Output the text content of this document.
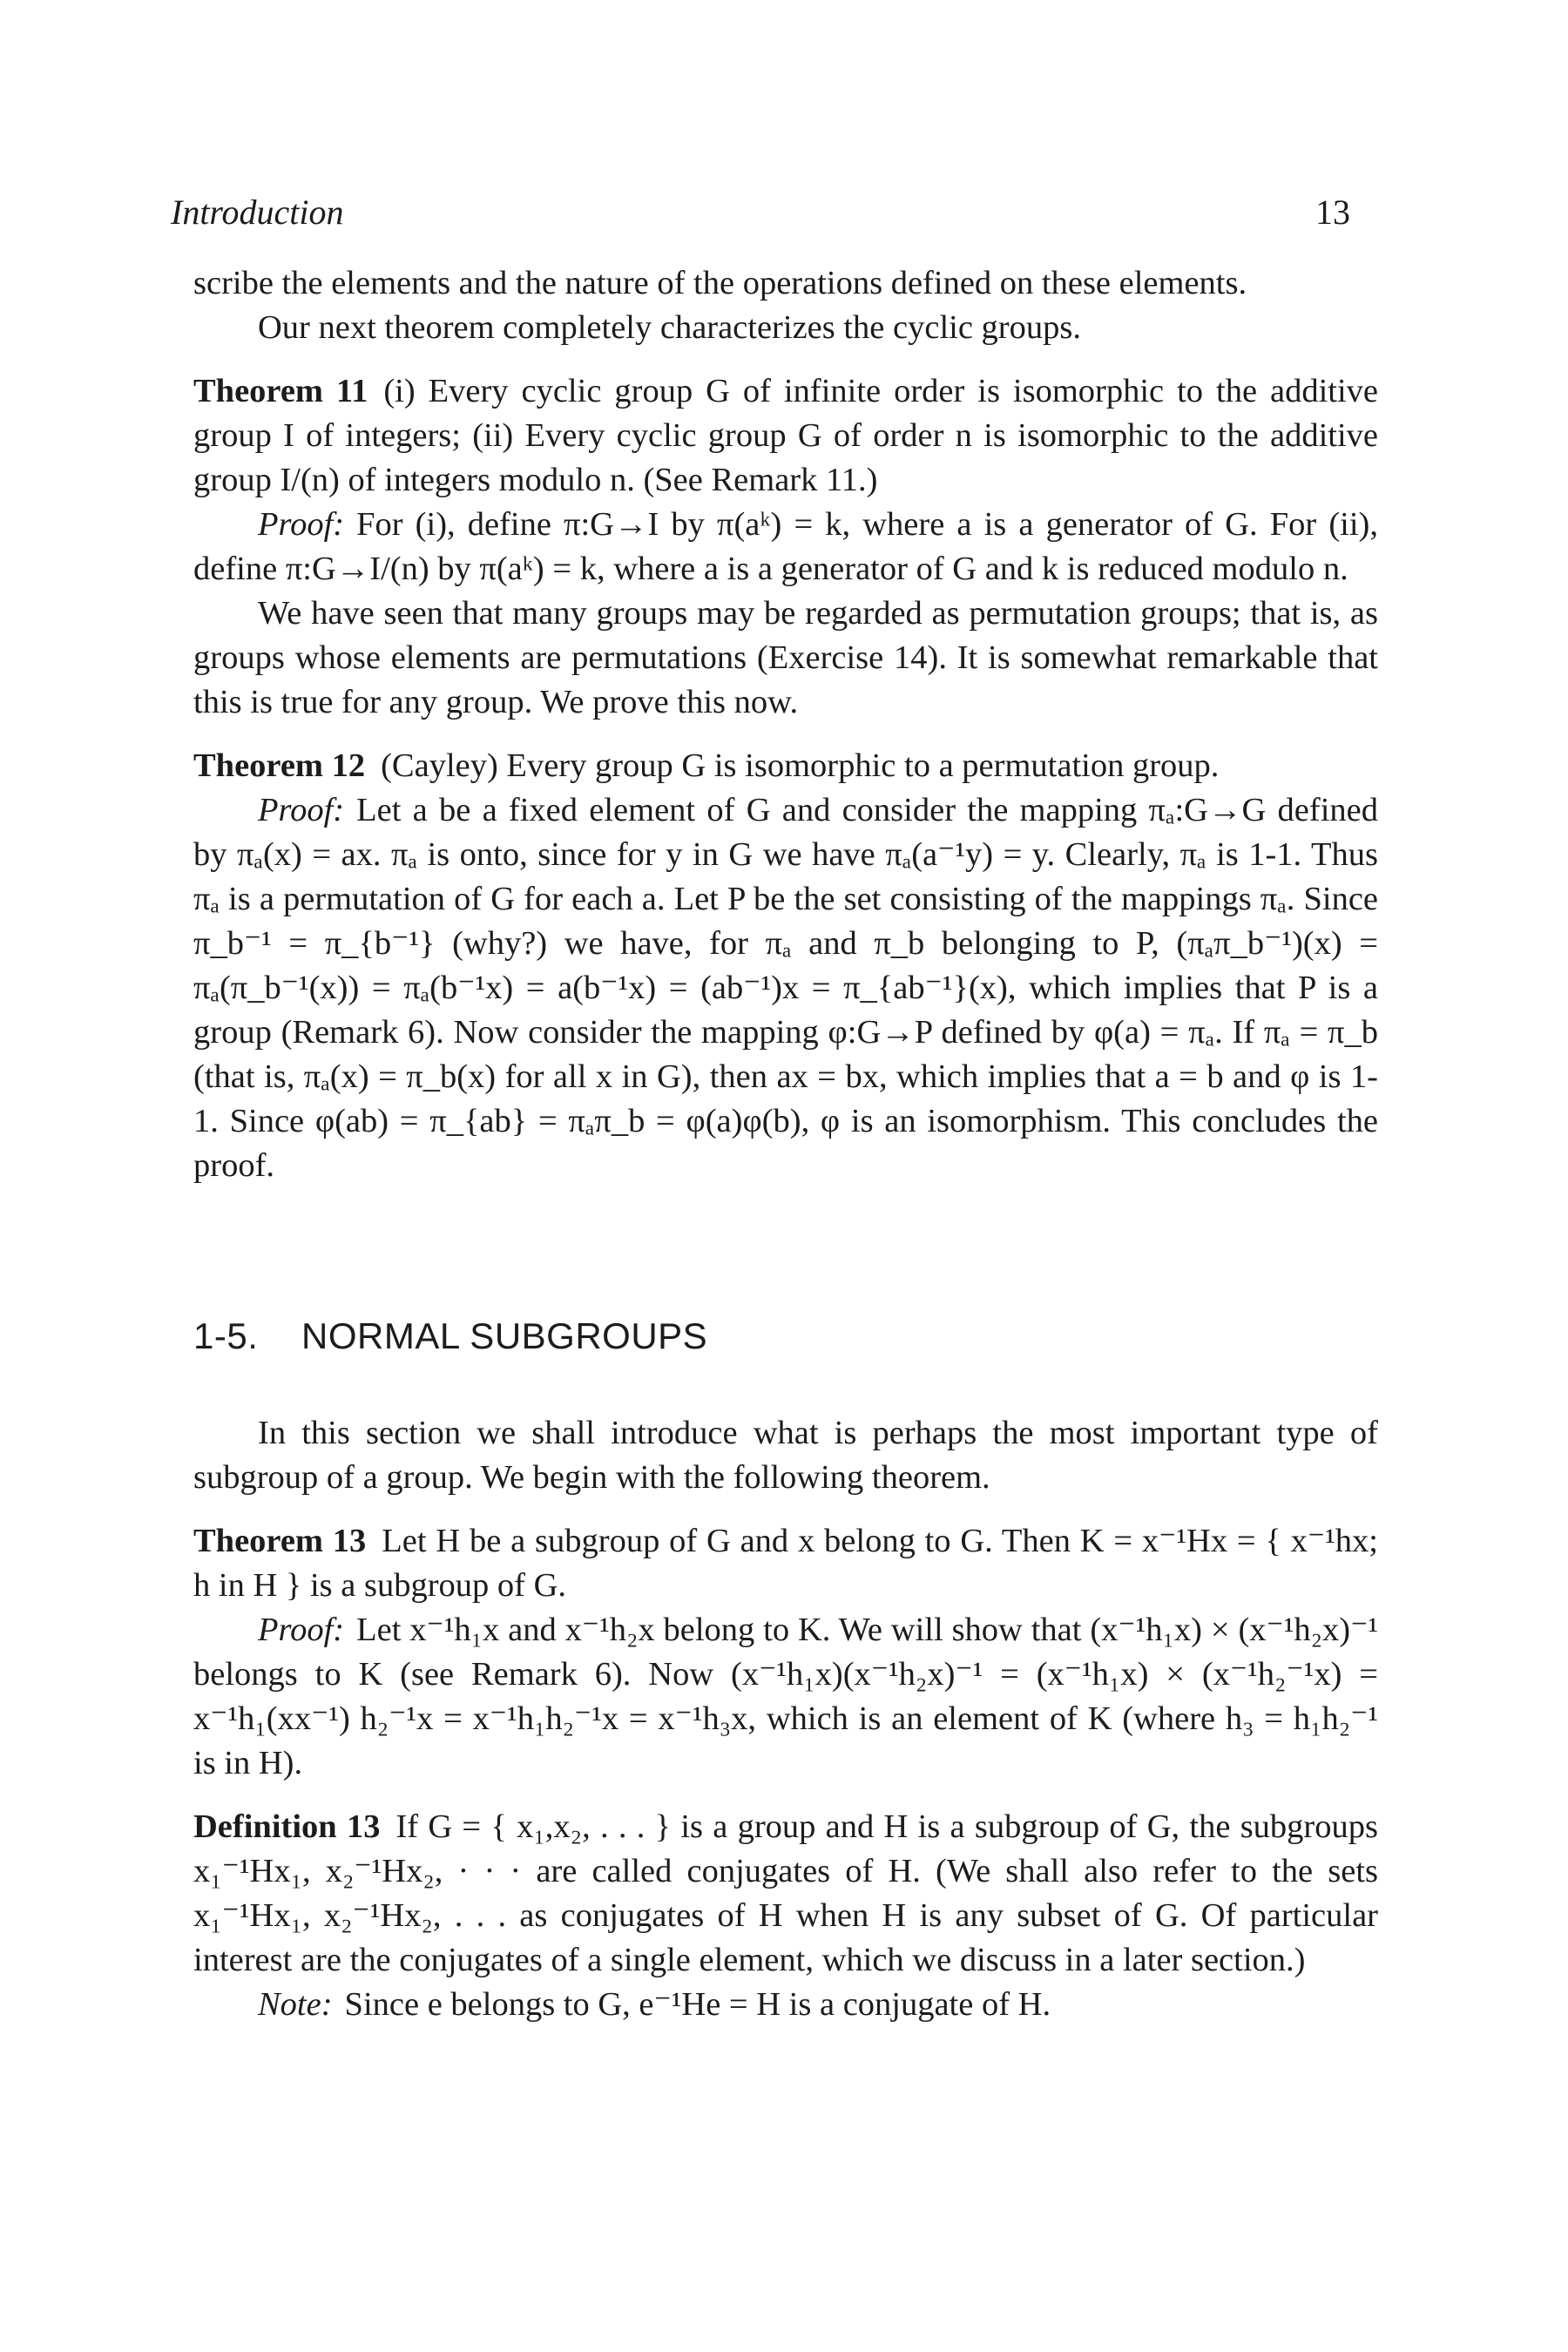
Introduction	13

scribe the elements and the nature of the operations defined on these elements.

Our next theorem completely characterizes the cyclic groups.

Theorem 11 (i) Every cyclic group G of infinite order is isomorphic to the additive group I of integers; (ii) Every cyclic group G of order n is isomorphic to the additive group I/(n) of integers modulo n. (See Remark 11.)

Proof: For (i), define π:G→I by π(aᵏ) = k, where a is a generator of G. For (ii), define π:G→I/(n) by π(aᵏ) = k, where a is a generator of G and k is reduced modulo n.

We have seen that many groups may be regarded as permutation groups; that is, as groups whose elements are permutations (Exercise 14). It is somewhat remarkable that this is true for any group. We prove this now.

Theorem 12 (Cayley) Every group G is isomorphic to a permutation group.

Proof: Let a be a fixed element of G and consider the mapping πₐ:G→G defined by πₐ(x) = ax. πₐ is onto, since for y in G we have πₐ(a⁻¹y) = y. Clearly, πₐ is 1-1. Thus πₐ is a permutation of G for each a. Let P be the set consisting of the mappings πₐ. Since π_b⁻¹ = π_{b⁻¹} (why?) we have, for πₐ and π_b belonging to P, (πₐπ_b⁻¹)(x) = πₐ(π_b⁻¹(x)) = πₐ(b⁻¹x) = a(b⁻¹x) = (ab⁻¹)x = π_{ab⁻¹}(x), which implies that P is a group (Remark 6). Now consider the mapping φ:G→P defined by φ(a) = πₐ. If πₐ = π_b (that is, πₐ(x) = π_b(x) for all x in G), then ax = bx, which implies that a = b and φ is 1-1. Since φ(ab) = π_{ab} = πₐπ_b = φ(a)φ(b), φ is an isomorphism. This concludes the proof.

1-5. NORMAL SUBGROUPS

In this section we shall introduce what is perhaps the most important type of subgroup of a group. We begin with the following theorem.

Theorem 13 Let H be a subgroup of G and x belong to G. Then K = x⁻¹Hx = { x⁻¹hx; h in H } is a subgroup of G.

Proof: Let x⁻¹h₁x and x⁻¹h₂x belong to K. We will show that (x⁻¹h₁x) × (x⁻¹h₂x)⁻¹ belongs to K (see Remark 6). Now (x⁻¹h₁x)(x⁻¹h₂x)⁻¹ = (x⁻¹h₁x) × (x⁻¹h₂⁻¹x) = x⁻¹h₁(xx⁻¹) h₂⁻¹x = x⁻¹h₁h₂⁻¹x = x⁻¹h₃x, which is an element of K (where h₃ = h₁h₂⁻¹ is in H).

Definition 13 If G = { x₁,x₂, . . . } is a group and H is a subgroup of G, the subgroups x₁⁻¹Hx₁, x₂⁻¹Hx₂, · · · are called conjugates of H. (We shall also refer to the sets x₁⁻¹Hx₁, x₂⁻¹Hx₂, . . . as conjugates of H when H is any subset of G. Of particular interest are the conjugates of a single element, which we discuss in a later section.)

Note: Since e belongs to G, e⁻¹He = H is a conjugate of H.
